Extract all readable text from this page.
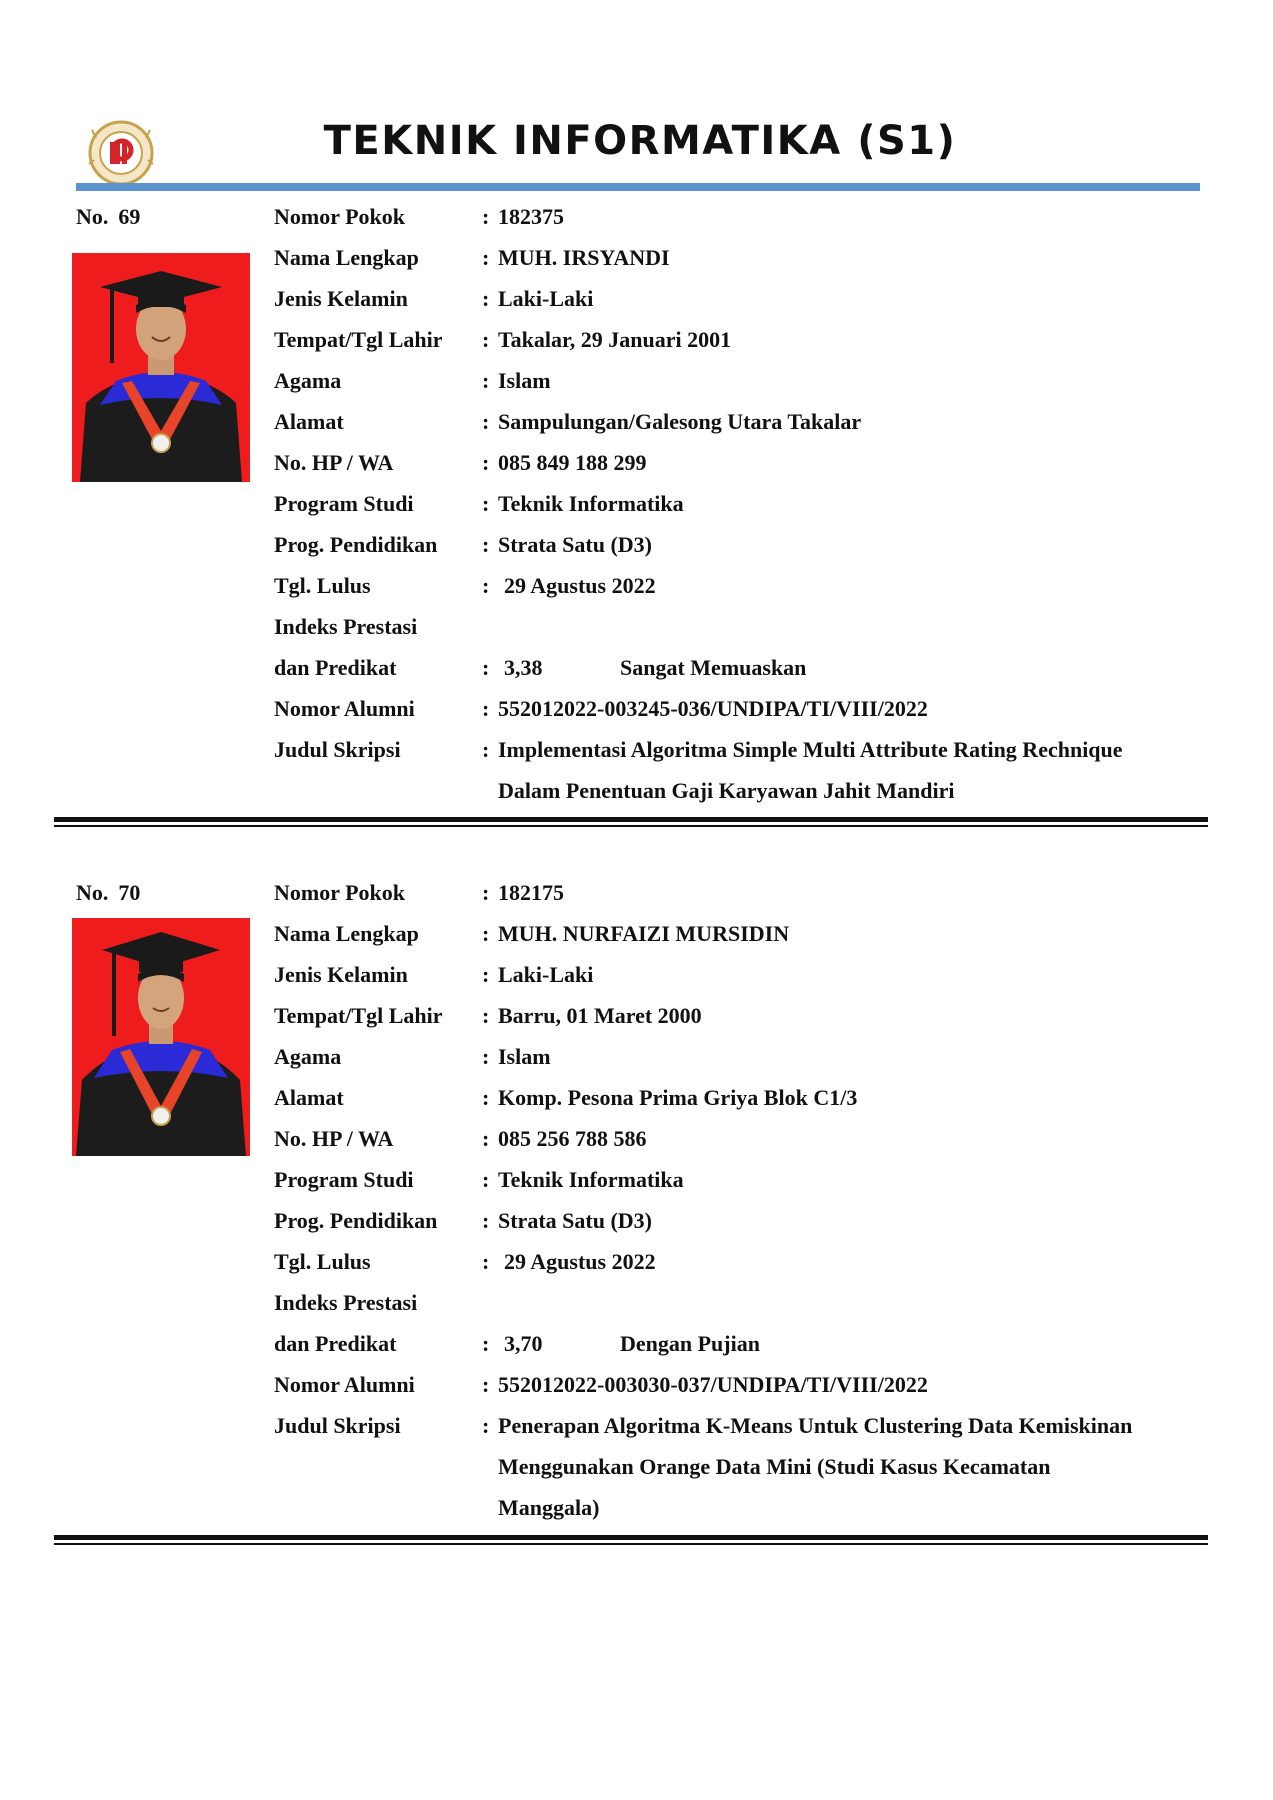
TEKNIK INFORMATIKA (S1)
No. 69	Nomor Pokok	: 182375
Nama Lengkap	: MUH. IRSYANDI
Jenis Kelamin	: Laki-Laki
Tempat/Tgl Lahir : Takalar, 29 Januari 2001
Agama	: Islam
Alamat	: Sampulungan/Galesong Utara Takalar
No. HP / WA	: 085 849 188 299
Program Studi	: Teknik Informatika
Prog. Pendidikan : Strata Satu (D3)
Tgl. Lulus	: 29 Agustus 2022
Indeks Prestasi
dan Predikat	: 3,38	Sangat Memuaskan
Nomor Alumni	: 552012022-003245-036/UNDIPA/TI/VIII/2022
Judul Skripsi	: Implementasi Algoritma Simple Multi Attribute Rating Rechnique
Dalam Penentuan Gaji Karyawan Jahit Mandiri
No. 70	Nomor Pokok	: 182175
Nama Lengkap	: MUH. NURFAIZI MURSIDIN
Jenis Kelamin	: Laki-Laki
Tempat/Tgl Lahir : Barru, 01 Maret 2000
Agama	: Islam
Alamat	: Komp. Pesona Prima Griya Blok C1/3
No. HP / WA	: 085 256 788 586
Program Studi	: Teknik Informatika
Prog. Pendidikan : Strata Satu (D3)
Tgl. Lulus	: 29 Agustus 2022
Indeks Prestasi
dan Predikat	: 3,70	Dengan Pujian
Nomor Alumni	: 552012022-003030-037/UNDIPA/TI/VIII/2022
Judul Skripsi	: Penerapan Algoritma K-Means Untuk Clustering Data Kemiskinan
Menggunakan Orange Data Mini (Studi Kasus Kecamatan
Manggala)
